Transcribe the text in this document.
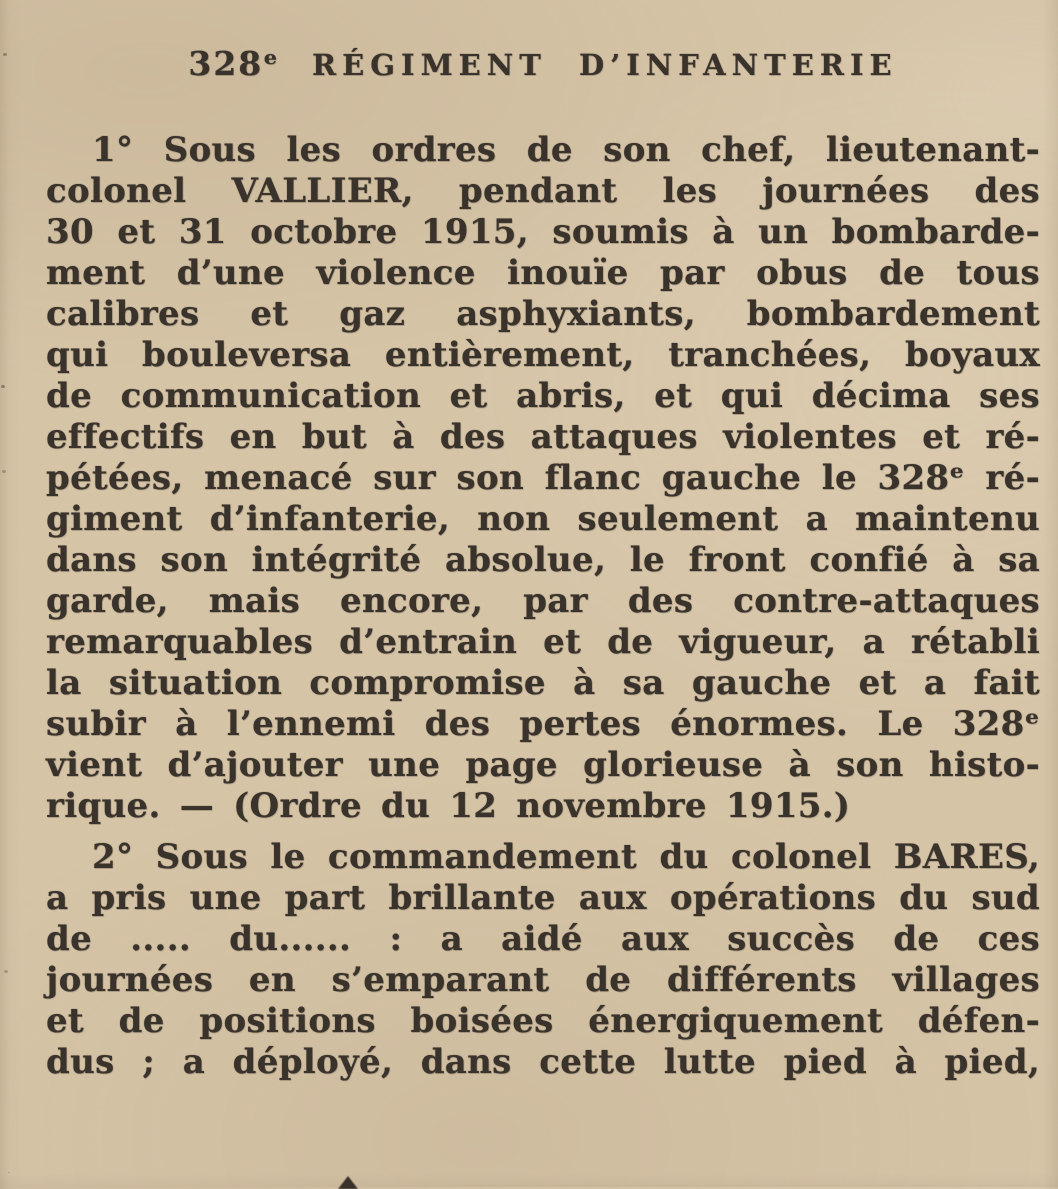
328ᵉ RÉGIMENT D’INFANTERIE
1° Sous les ordres de son chef, lieutenant-
colonel VALLIER, pendant les journées des
30 et 31 octobre 1915, soumis à un bombarde-
ment d’une violence inouïe par obus de tous
calibres et gaz asphyxiants, bombardement
qui bouleversa entièrement, tranchées, boyaux
de communication et abris, et qui décima ses
effectifs en but à des attaques violentes et ré-
pétées, menacé sur son flanc gauche le 328ᵉ ré-
giment d’infanterie, non seulement a maintenu
dans son intégrité absolue, le front confié à sa
garde, mais encore, par des contre-attaques
remarquables d’entrain et de vigueur, a rétabli
la situation compromise à sa gauche et a fait
subir à l’ennemi des pertes énormes. Le 328ᵉ
vient d’ajouter une page glorieuse à son histo-
rique. — (Ordre du 12 novembre 1915.)
2° Sous le commandement du colonel BARES,
a pris une part brillante aux opérations du sud
de ..... du...... : a aidé aux succès de ces
journées en s’emparant de différents villages
et de positions boisées énergiquement défen-
dus ; a déployé, dans cette lutte pied à pied,
